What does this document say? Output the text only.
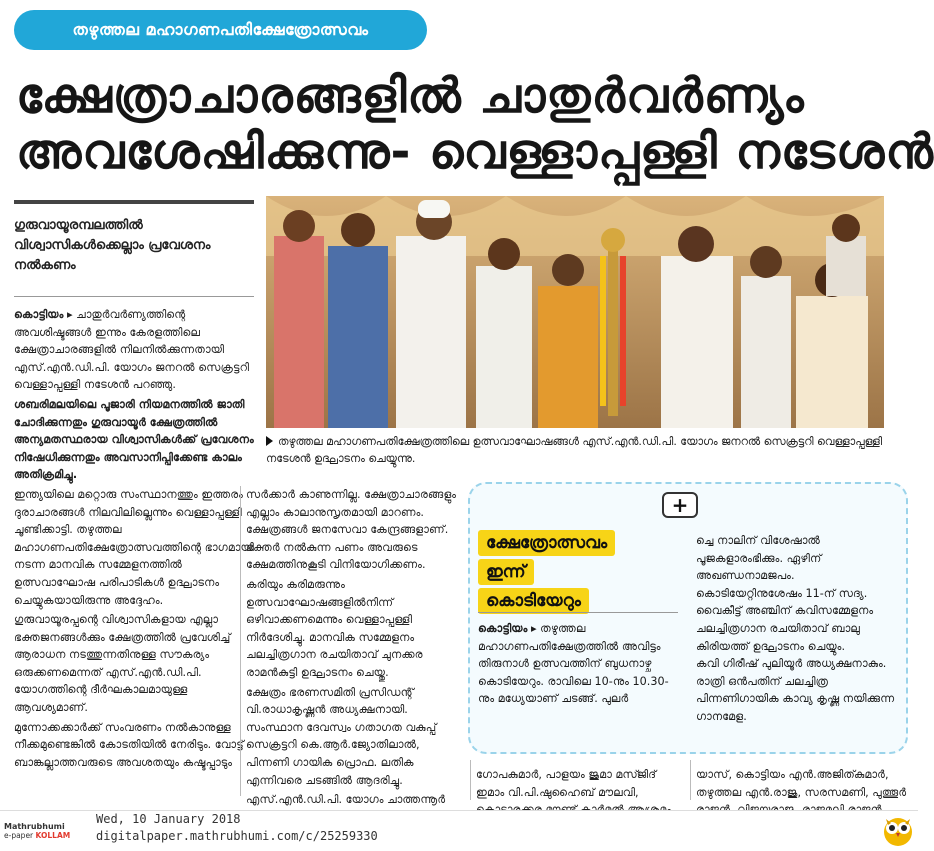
തഴുത്തല മഹാഗണപതിക്ഷേത്രോത്സവം
ക്ഷേത്രാചാരങ്ങളിൽ ചാതുർവർണ്യം
അവശേഷിക്കുന്നു- വെള്ളാപ്പള്ളി നടേശൻ
ഗുരുവായൂരമ്പലത്തിൽ വിശ്വാസികൾക്കെല്ലാം പ്രവേശനം നൽകണം

കൊട്ടിയം ▸ ചാതുർവർണ്യത്തിന്റെ അവശിഷ്ടങ്ങൾ ഇന്നും കേരളത്തിലെ ക്ഷേത്രാചാരങ്ങളിൽ നിലനിൽക്കുന്നതായി എസ്.എൻ.ഡി.പി. യോഗം ജനറൽ സെക്രട്ടറി വെള്ളാപ്പള്ളി നടേശൻ പറഞ്ഞു.

ശബരിമലയിലെ പൂജാരി നിയമനത്തിൽ ജാതി ചോദിക്കുന്നതും ഗുരുവായൂർ ക്ഷേത്രത്തിൽ അന്യമതസ്ഥരായ വിശ്വാസികൾക്ക് പ്രവേശനം നിഷേധിക്കുന്നതും അവസാനിപ്പിക്കേണ്ട കാലം അതിക്രമിച്ചു.

ഇന്ത്യയിലെ മറ്റൊരു സംസ്ഥാനത്തും ഇത്തരം ദുരാചാരങ്ങൾ നിലവിലില്ലെന്നും വെള്ളാപ്പള്ളി ചൂണ്ടിക്കാട്ടി. തഴുത്തല മഹാഗണപതിക്ഷേത്രോത്സവത്തിന്റെ ഭാഗമായി നടന്ന മാനവിക സമ്മേളനത്തിൽ ഉത്സവാഘോഷ പരിപാടികൾ ഉദ്ഘാടനം ചെയ്യുകയായിരുന്നു അദ്ദേഹം.

ഗുരുവായൂരപ്പന്റെ വിശ്വാസികളായ എല്ലാ ഭക്തജനങ്ങൾക്കും ക്ഷേത്രത്തിൽ പ്രവേശിച്ച് ആരാധന നടത്തുന്നതിനുള്ള സൗകര്യം ഒരുക്കണമെന്നത് എസ്.എൻ.ഡി.പി. യോഗത്തിന്റെ ദീർഘകാലമായുള്ള ആവശ്യമാണ്.

മുന്നോക്കക്കാർക്ക് സംവരണം നൽകാനുള്ള നീക്കമുണ്ടെങ്കിൽ കോടതിയിൽ നേരിടും. വോട്ട് ബാങ്കല്ലാത്തവരുടെ അവശതയും കഷ്ടപ്പാടും

തഴുത്തല മഹാഗണപതിക്ഷേത്രത്തിലെ ഉത്സവാഘോഷങ്ങൾ എസ്.എൻ.ഡി.പി. യോഗം ജനറൽ സെക്രട്ടറി വെള്ളാപ്പള്ളി നടേശൻ ഉദ്ഘാടനം ചെയ്യുന്നു.

സർക്കാർ കാണുന്നില്ല. ക്ഷേത്രാചാരങ്ങളും എല്ലാം കാലാനുസൃതമായി മാറണം. ക്ഷേത്രങ്ങൾ ജനസേവാ കേന്ദ്രങ്ങളാണ്. ഭക്തർ നൽകുന്ന പണം അവരുടെ ക്ഷേമത്തിനുകൂടി വിനിയോഗിക്കണം.

കരിയും കരിമരുന്നും ഉത്സവാഘോഷങ്ങളിൽനിന്ന് ഒഴിവാക്കണമെന്നും വെള്ളാപ്പള്ളി നിർദേശിച്ചു. മാനവിക സമ്മേളനം ചലച്ചിത്രഗാന രചയിതാവ് ചുനക്കര രാമൻകുട്ടി ഉദ്ഘാടനം ചെയ്തു.

ക്ഷേത്രം ഭരണസമിതി പ്രസിഡന്റ് വി.രാധാകൃഷ്ണൻ അധ്യക്ഷനായി. സംസ്ഥാന ദേവസ്വം ഗതാഗത വകുപ്പ് സെക്രട്ടറി കെ.ആർ.ജ്യോതിലാൽ, പിന്നണി ഗായിക പ്രൊഫ. ലതിക എന്നിവരെ ചടങ്ങിൽ ആദരിച്ചു.

എസ്.എൻ.ഡി.പി. യോഗം ചാത്തന്നൂർ

+
ക്ഷേത്രോത്സവം
ഇന്ന്
കൊടിയേറും
കൊട്ടിയം ▸ തഴുത്തല മഹാഗണപതിക്ഷേത്രത്തിൽ അവിട്ടം തിരുനാൾ ഉത്സവത്തിന് ബുധനാഴ്ച കൊടിയേറും. രാവിലെ 10-നും 10.30-നും മധ്യേയാണ് ചടങ്ങ്. പുലർ

ച്ചെ നാലിന് വിശേഷാൽ പൂജകളാരംഭിക്കും. ഏഴിന് അഖണ്ഡനാമജപം. കൊടിയേറ്റിനുശേഷം 11-ന് സദ്യ. വൈകീട്ട് അഞ്ചിന് കവിസമ്മേളനം ചലച്ചിത്രഗാന രചയിതാവ് ബാലു കിരിയത്ത് ഉദ്ഘാടനം ചെയ്യും.

കവി ഗിരീഷ് പുലിയൂർ അധ്യക്ഷനാകും. രാത്രി ഒൻപതിന് ചലച്ചിത്ര പിന്നണിഗായിക കാവ്യ കൃഷ്ണ നയിക്കുന്ന ഗാനമേള.

ഗോപകുമാർ, പാളയം ജുമാ മസ്ജിദ് ഇമാം വി.പി.ഷുഹൈബ് മൗലവി,
യാസ്, കൊട്ടിയം എൻ.അജിത്കുമാർ, തഴുത്തല എൻ.രാജു, സരസമണി, പുത്തൂർ
Mathrubhumi
e-paper KOLLAM
Wed, 10 January 2018
digitalpaper.mathrubhumi.com/c/25259330
